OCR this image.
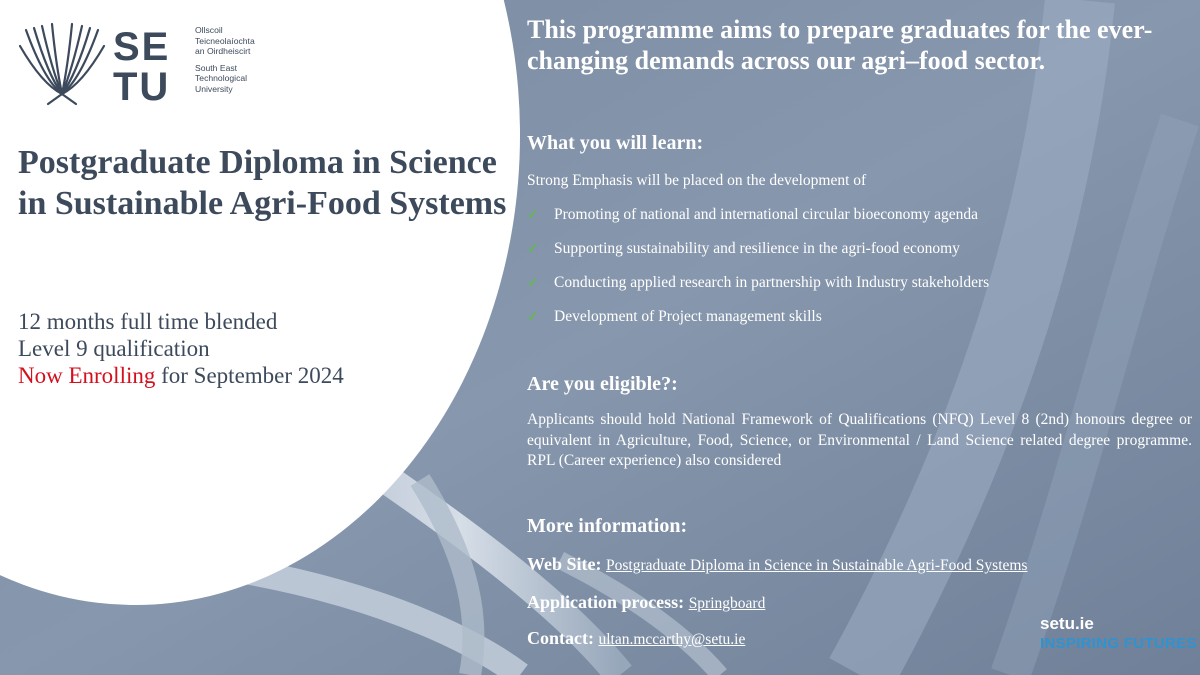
SE
TU
Ollscoil
Teicneolaíochta
an Oirdheiscirt
South East
Technological
University
Postgraduate Diploma in Science in Sustainable Agri-Food Systems
12 months full time blended
Level 9 qualification
Now Enrolling for September 2024
This programme aims to prepare graduates for the ever-changing demands across our agri–food sector.
What you will learn:
Strong Emphasis will be placed on the development of
✓ Promoting of national and international circular bioeconomy agenda
✓ Supporting sustainability and resilience in the agri-food economy
✓ Conducting applied research in partnership with Industry stakeholders
✓ Development of Project management skills
Are you eligible?:
Applicants should hold National Framework of Qualifications (NFQ) Level 8 (2nd) honours degree or equivalent in Agriculture, Food, Science, or Environmental / Land Science related degree programme. RPL (Career experience) also considered
More information:
Web Site: Postgraduate Diploma in Science in Sustainable Agri-Food Systems
Application process: Springboard
Contact: ultan.mccarthy@setu.ie
setu.ie
INSPIRING FUTURES
